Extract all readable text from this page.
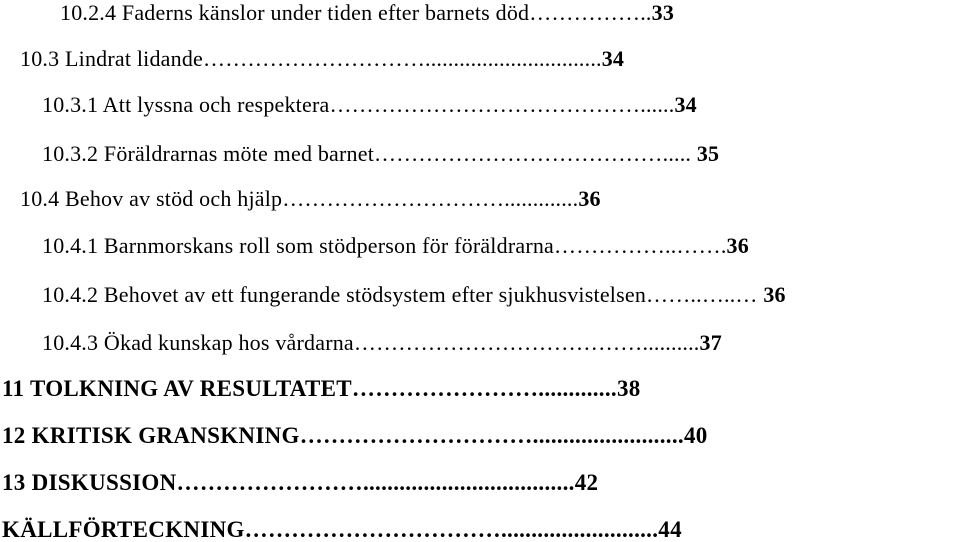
10.2.4 Faderns känslor under tiden efter barnets död……………..33
10.3 Lindrat lidande…………………………...............................34
10.3.1 Att lyssna och respektera……………………………………......34
10.3.2 Föräldrarnas möte med barnet…………………………………..... 35
10.4 Behov av stöd och hjälp………………………….............36
10.4.1 Barnmorskans roll som stödperson för föräldrarna……………..…….36
10.4.2 Behovet av ett fungerande stödsystem efter sjukhusvistelsen……..…..… 36
10.4.3 Ökad kunskap hos vårdarna…………………………………..........37
11 TOLKNING AV RESULTATET…………………….............38
12 KRITISK GRANSKNING………………………….........................40
13 DISKUSSION……………………...................................42
KÄLLFÖRTECKNING……………………………..........................44
